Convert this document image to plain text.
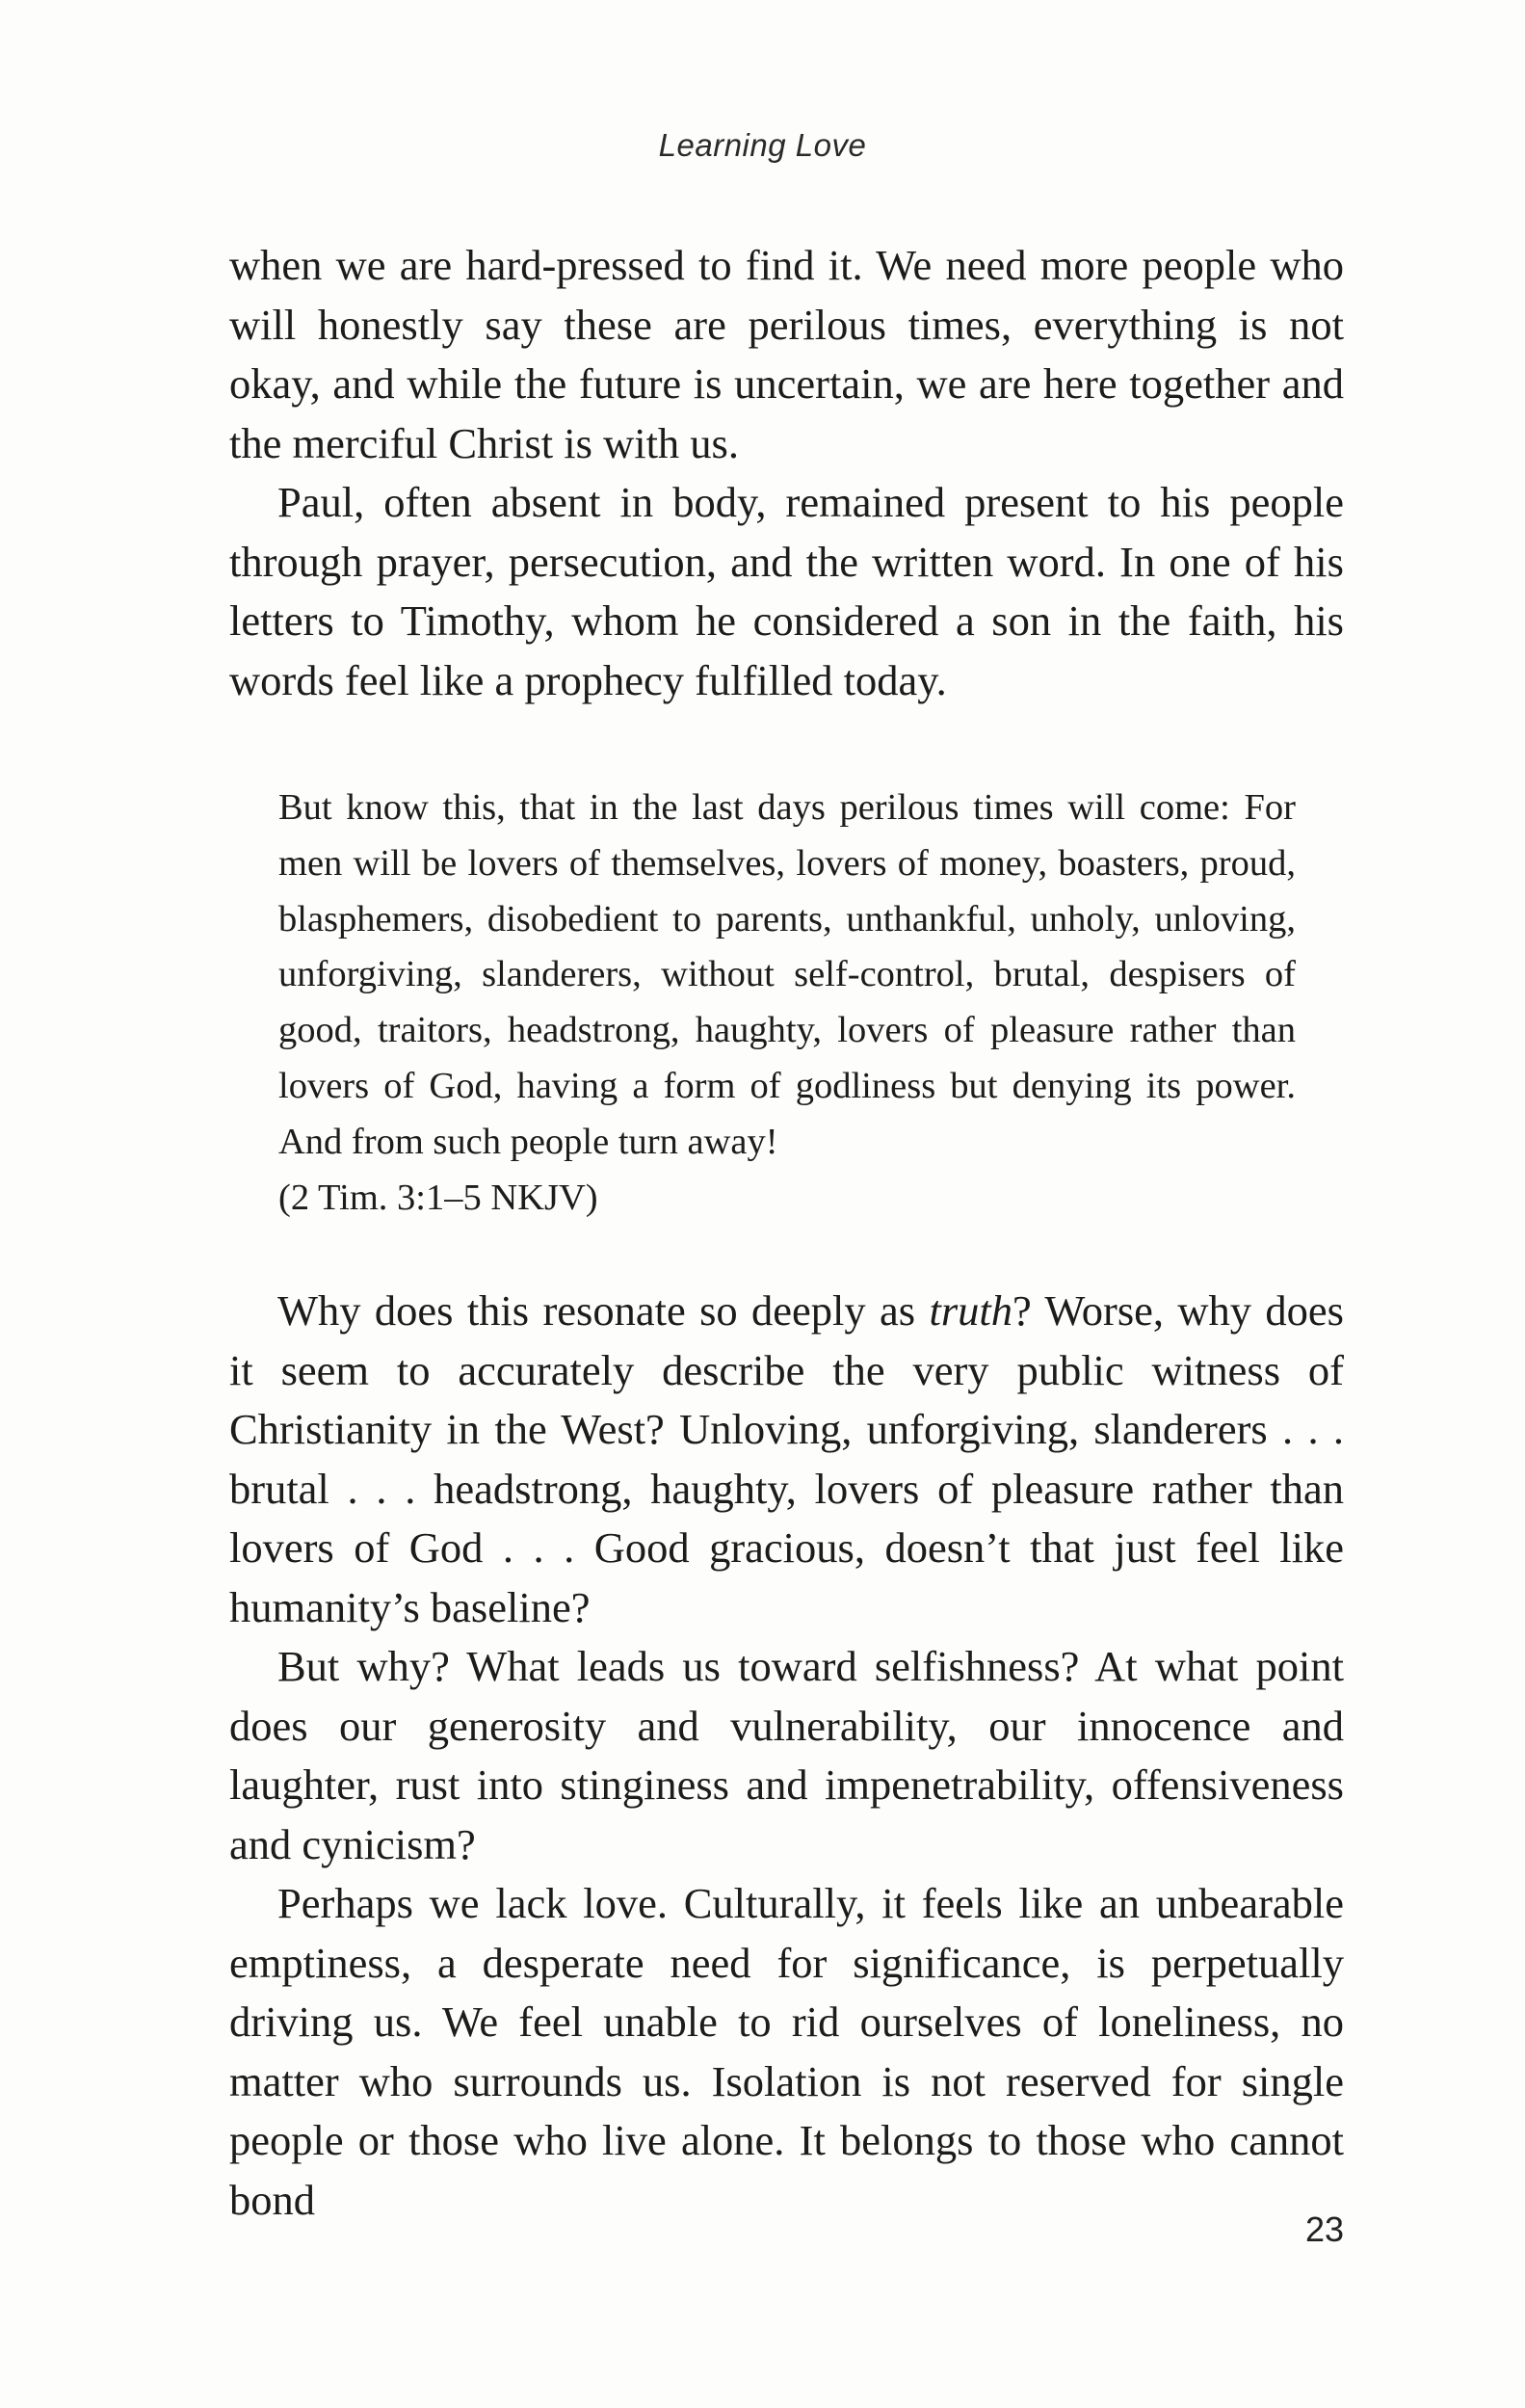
Learning Love

when we are hard-pressed to find it. We need more people who will honestly say these are perilous times, everything is not okay, and while the future is uncertain, we are here together and the merciful Christ is with us.

Paul, often absent in body, remained present to his people through prayer, persecution, and the written word. In one of his letters to Timothy, whom he considered a son in the faith, his words feel like a prophecy fulfilled today.

But know this, that in the last days perilous times will come: For men will be lovers of themselves, lovers of money, boasters, proud, blasphemers, disobedient to parents, unthankful, unholy, unloving, unforgiving, slanderers, without self-control, brutal, despisers of good, traitors, headstrong, haughty, lovers of pleasure rather than lovers of God, having a form of godliness but denying its power. And from such people turn away!

(2 Tim. 3:1–5 NKJV)

Why does this resonate so deeply as truth? Worse, why does it seem to accurately describe the very public witness of Christianity in the West? Unloving, unforgiving, slanderers . . . brutal . . . headstrong, haughty, lovers of pleasure rather than lovers of God . . . Good gracious, doesn’t that just feel like humanity’s baseline?

But why? What leads us toward selfishness? At what point does our generosity and vulnerability, our innocence and laughter, rust into stinginess and impenetrability, offensiveness and cynicism?

Perhaps we lack love. Culturally, it feels like an unbearable emptiness, a desperate need for significance, is perpetually driving us. We feel unable to rid ourselves of loneliness, no matter who surrounds us. Isolation is not reserved for single people or those who live alone. It belongs to those who cannot bond

23
